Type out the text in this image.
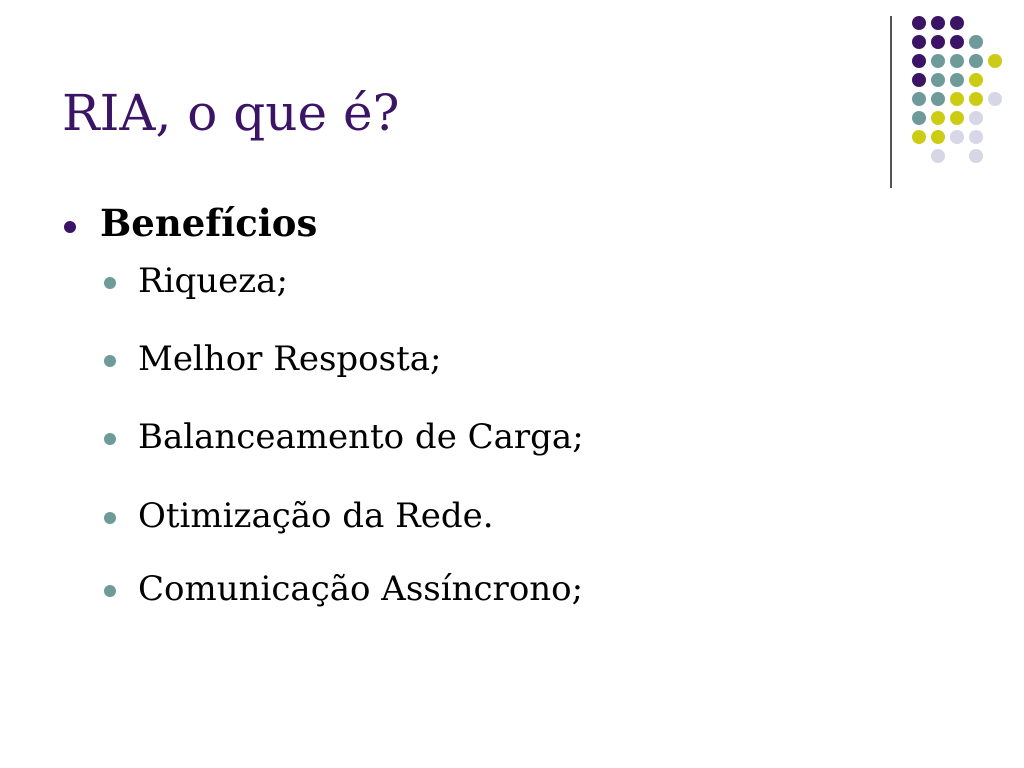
RIA, o que é?
Benefícios
Riqueza;
Melhor Resposta;
Balanceamento de Carga;
Otimização da Rede.
Comunicação Assíncrono;
